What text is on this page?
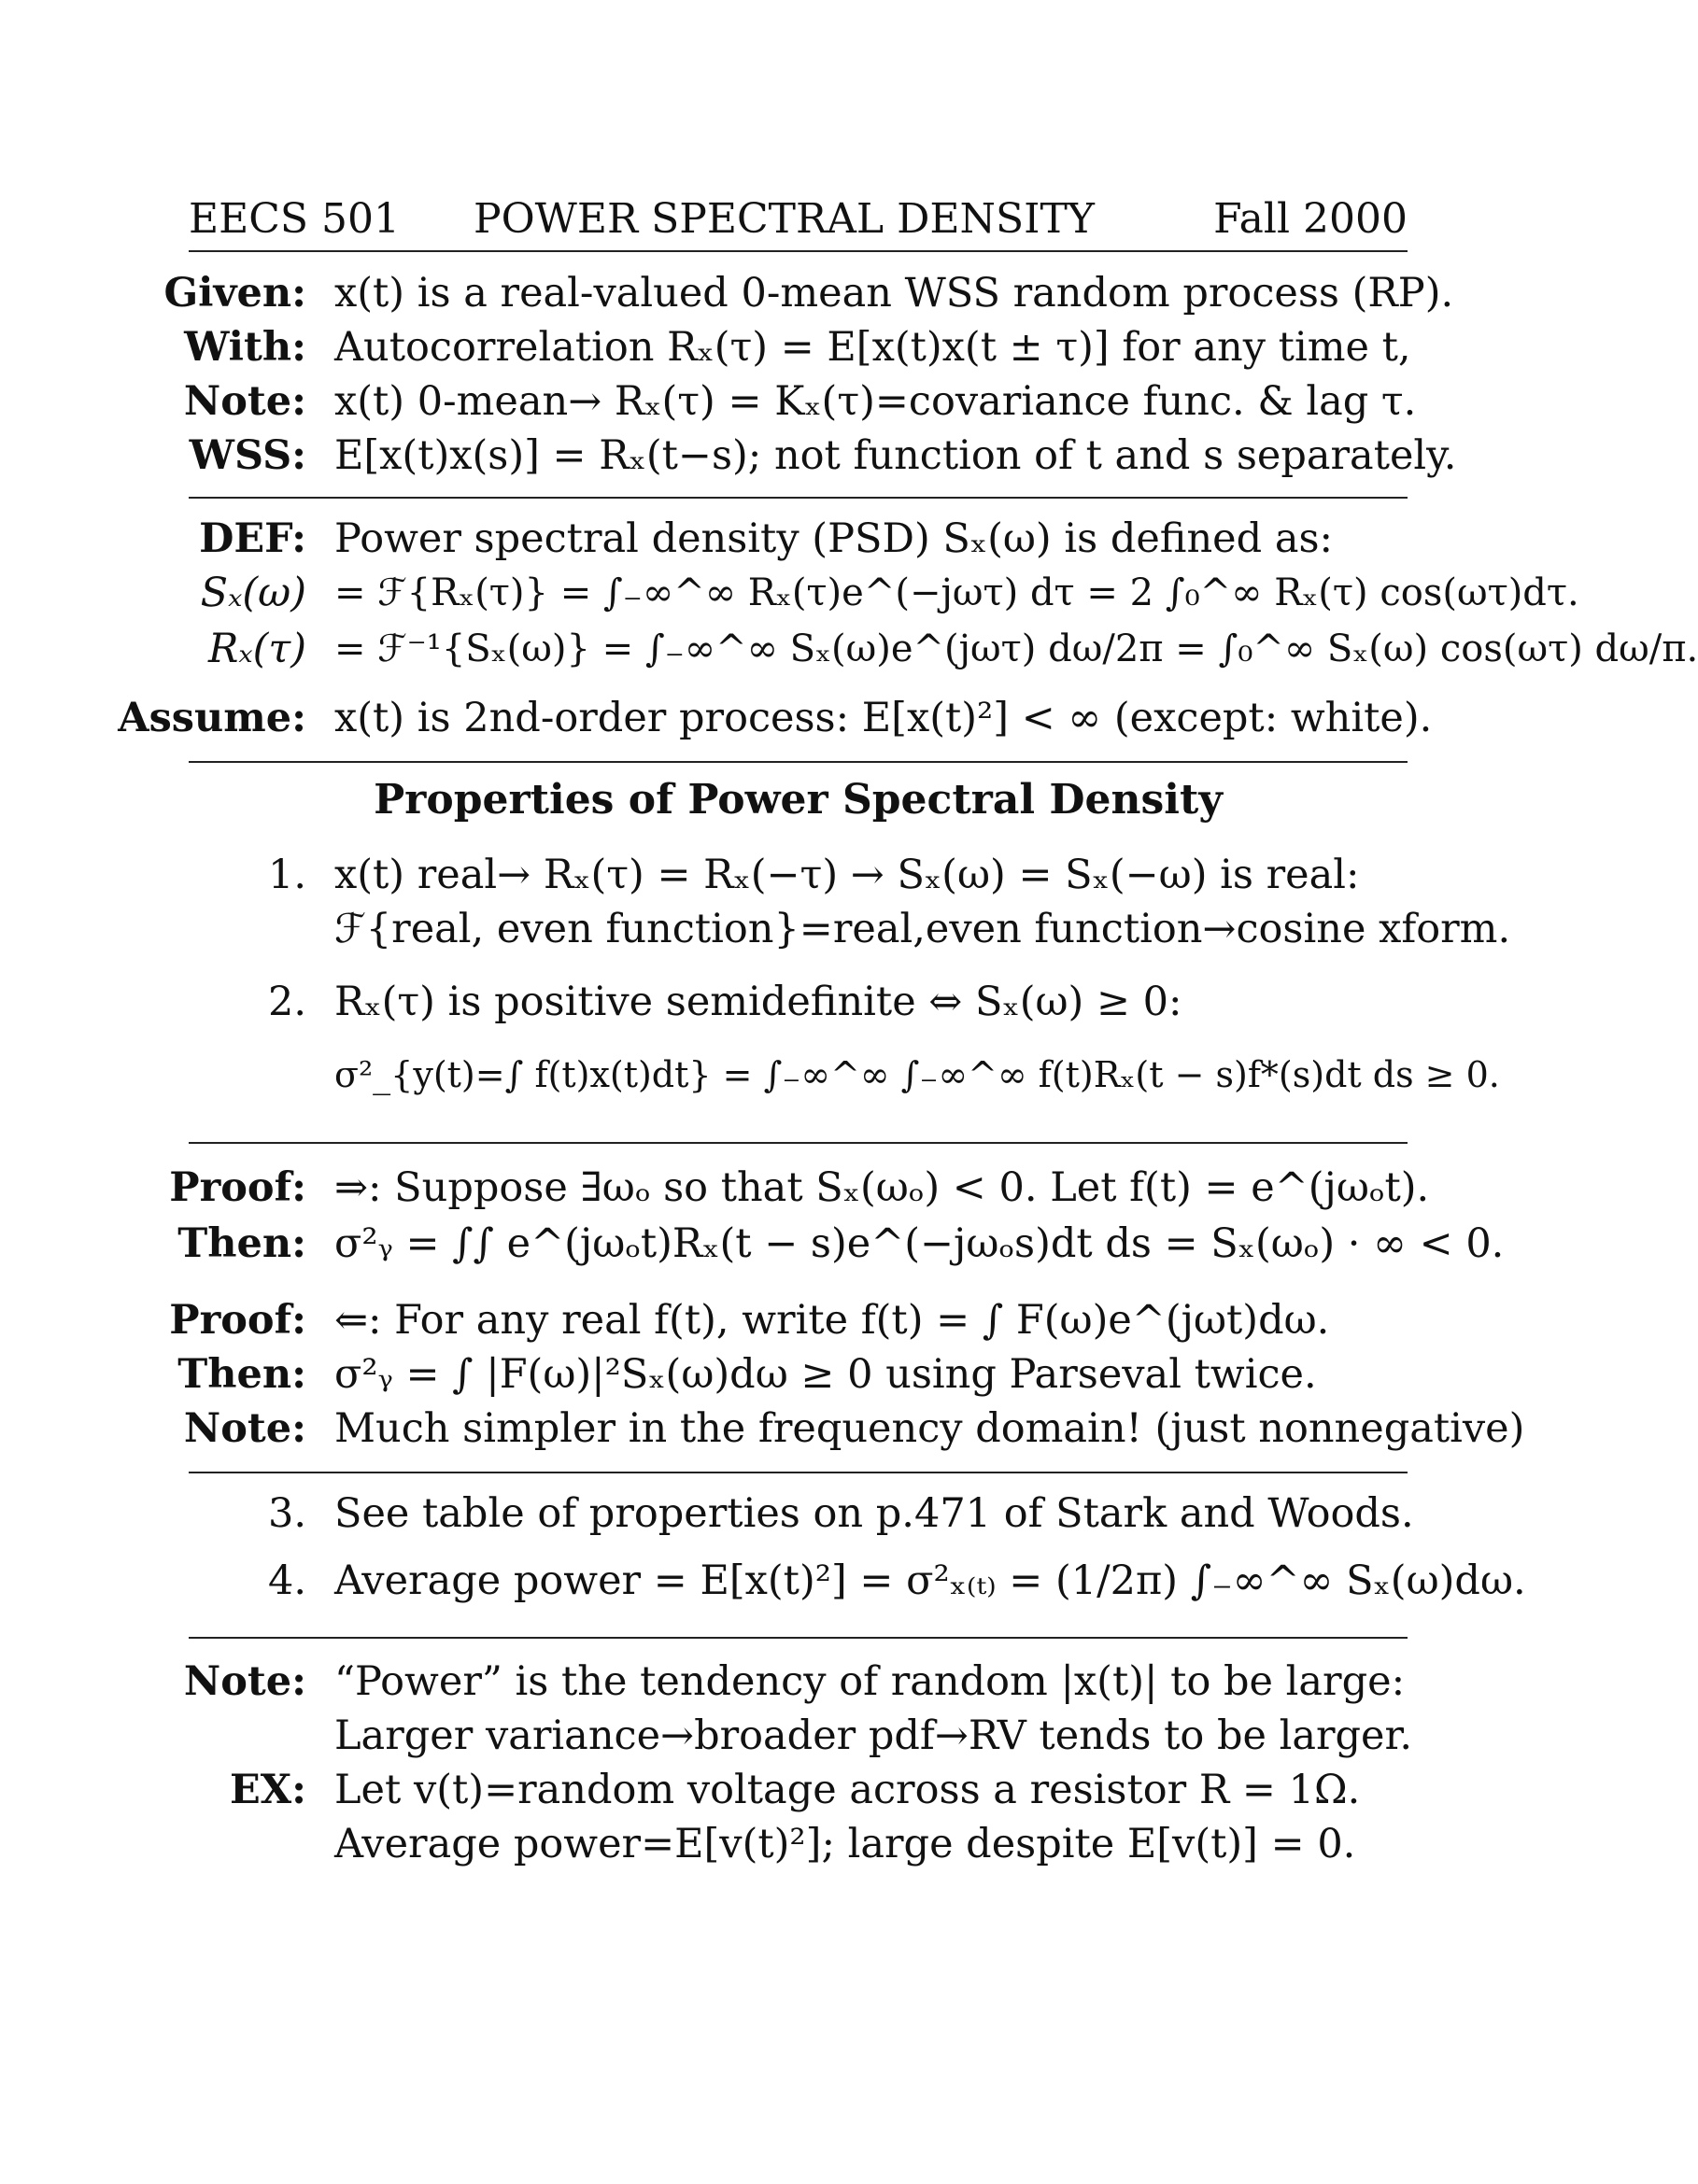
EECS 501 POWER SPECTRAL DENSITY	Fall 2000
Given: x(t) is a real-valued 0-mean WSS random process (RP).
With: Autocorrelation Rₓ(τ) = E[x(t)x(t ± τ)] for any time t,
Note: x(t) 0-mean→ Rₓ(τ) = Kₓ(τ)=covariance func. & lag τ.
WSS: E[x(t)x(s)] = Rₓ(t−s); not function of t and s separately.
DEF: Power spectral density (PSD) Sₓ(ω) is defined as:
Sₓ(ω) = ℱ{Rₓ(τ)} = ∫₋∞^∞ Rₓ(τ)e^(−jωτ) dτ = 2 ∫₀^∞ Rₓ(τ) cos(ωτ)dτ.
Rₓ(τ) = ℱ⁻¹{Sₓ(ω)} = ∫₋∞^∞ Sₓ(ω)e^(jωτ) dω/2π = ∫₀^∞ Sₓ(ω) cos(ωτ) dω/π.
Assume: x(t) is 2nd-order process: E[x(t)²] < ∞ (except: white).
Properties of Power Spectral Density
1. x(t) real→ Rₓ(τ) = Rₓ(−τ) → Sₓ(ω) = Sₓ(−ω) is real:
ℱ{real, even function}=real,even function→cosine xform.
2. Rₓ(τ) is positive semidefinite ⇔ Sₓ(ω) ≥ 0:
σ²_{y(t)=∫ f(t)x(t)dt} = ∫₋∞^∞ ∫₋∞^∞ f(t)Rₓ(t − s)f*(s)dt ds ≥ 0.
Proof: ⇒: Suppose ∃ωₒ so that Sₓ(ωₒ) < 0. Let f(t) = e^(jωₒt).
Then: σ²ᵧ = ∫∫ e^(jωₒt)Rₓ(t − s)e^(−jωₒs)dt ds = Sₓ(ωₒ) · ∞ < 0.
Proof: ⇐: For any real f(t), write f(t) = ∫ F(ω)e^(jωt)dω.
Then: σ²ᵧ = ∫ |F(ω)|²Sₓ(ω)dω ≥ 0 using Parseval twice.
Note: Much simpler in the frequency domain! (just nonnegative)
3. See table of properties on p.471 of Stark and Woods.
4. Average power = E[x(t)²] = σ²ₓ₍ₜ₎ = (1/2π) ∫₋∞^∞ Sₓ(ω)dω.
Note: “Power” is the tendency of random |x(t)| to be large:
Larger variance→broader pdf→RV tends to be larger.
EX: Let v(t)=random voltage across a resistor R = 1Ω.
Average power=E[v(t)²]; large despite E[v(t)] = 0.
